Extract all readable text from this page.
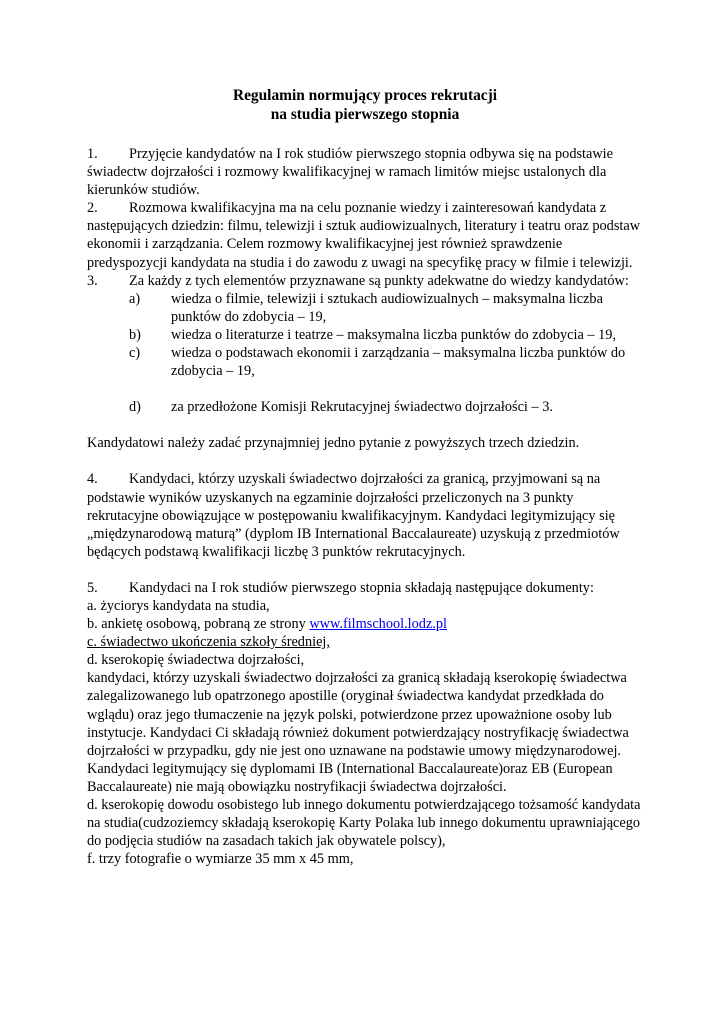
Regulamin normujący proces rekrutacji

na studia pierwszego stopnia

1. Przyjęcie kandydatów na I rok studiów pierwszego stopnia odbywa się na podstawie świadectw dojrzałości i rozmowy kwalifikacyjnej w ramach limitów miejsc ustalonych dla kierunków studiów.

2. Rozmowa kwalifikacyjna ma na celu poznanie wiedzy i zainteresowań kandydata z następujących dziedzin: filmu, telewizji i sztuk audiowizualnych, literatury i teatru oraz podstaw ekonomii i zarządzania. Celem rozmowy kwalifikacyjnej jest również sprawdzenie predyspozycji kandydata na studia i do zawodu z uwagi na specyfikę pracy w filmie i telewizji.

3. Za każdy z tych elementów przyznawane są punkty adekwatne do wiedzy kandydatów:

a)	wiedza o filmie, telewizji i sztukach audiowizualnych – maksymalna liczba punktów do zdobycia – 19,
b)	wiedza o literaturze i teatrze – maksymalna liczba punktów do zdobycia – 19,
c)	wiedza o podstawach ekonomii i zarządzania – maksymalna liczba punktów do zdobycia – 19,
d)	za przedłożone Komisji Rekrutacyjnej świadectwo dojrzałości – 3.

Kandydatowi należy zadać przynajmniej jedno pytanie z powyższych trzech dziedzin.

4. Kandydaci, którzy uzyskali świadectwo dojrzałości za granicą, przyjmowani są na podstawie wyników uzyskanych na egzaminie dojrzałości przeliczonych na 3 punkty rekrutacyjne obowiązujące w postępowaniu kwalifikacyjnym. Kandydaci legitymizujący się „międzynarodową maturą” (dyplom IB International Baccalaureate) uzyskują z przedmiotów będących podstawą kwalifikacji liczbę 3 punktów rekrutacyjnych.

5. Kandydaci na I rok studiów pierwszego stopnia składają następujące dokumenty:

a. życiorys kandydata na studia,

b. ankietę osobową, pobraną ze strony www.filmschool.lodz.pl

c. świadectwo ukończenia szkoły średniej,

d. kserokopię świadectwa dojrzałości,

kandydaci, którzy uzyskali świadectwo dojrzałości za granicą składają kserokopię świadectwa zalegalizowanego lub opatrzonego apostille (oryginał świadectwa kandydat przedkłada do wglądu) oraz jego tłumaczenie na język polski, potwierdzone przez upoważnione osoby lub instytucje. Kandydaci Ci składają również dokument potwierdzający nostryfikację świadectwa dojrzałości w przypadku, gdy nie jest ono uznawane na podstawie umowy międzynarodowej. Kandydaci legitymujący się dyplomami IB (International Baccalaureate)oraz EB (European Baccalaureate) nie mają obowiązku nostryfikacji świadectwa dojrzałości.

d. kserokopię dowodu osobistego lub innego dokumentu potwierdzającego tożsamość kandydata na studia(cudzoziemcy składają kserokopię Karty Polaka lub innego dokumentu uprawniającego do podjęcia studiów na zasadach takich jak obywatele polscy),

f. trzy fotografie o wymiarze 35 mm x 45 mm,
